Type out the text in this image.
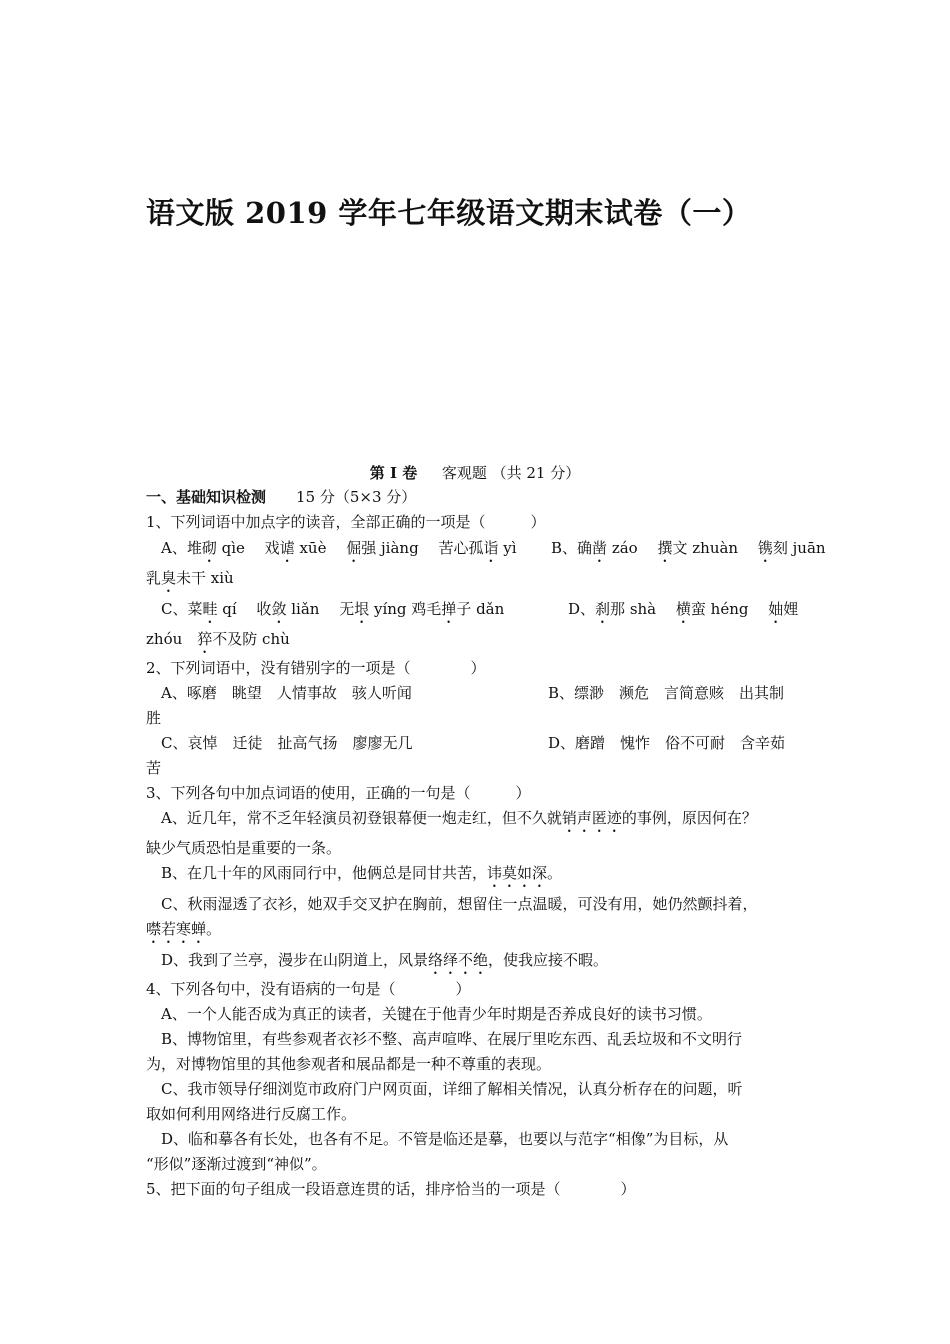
语文版 2019 学年七年级语文期末试卷（一）
第 Ⅰ 卷 　 客观题 （共 21 分）
一、基础知识检测　　 15 分（5×3 分）
1、下列词语中加点字的读音，全部正确的一项是（　　　）
A、堆砌 qìe　 戏谑 xūè　 倔强 jiàng　 苦心孤诣 yì B、确凿 záo　 撰文 zhuàn　 镌刻 juān
乳臭未干 xiù
C、菜畦 qí　 收敛 liǎn　 无垠 yíng 鸡毛掸子 dǎn	D、刹那 shà　 横蛮 héng　 妯娌
zhóu　猝不及防 chù
2、下列词语中，没有错别字的一项是（　　　　）
A、啄磨　眺望　人情事故　骇人听闻	B、缥渺　濒危　言简意赅　出其制
胜
C、哀悼　迁徒　扯高气扬　廖廖无几	D、磨蹭　愧怍　俗不可耐　含辛茹
苦
3、下列各句中加点词语的使用，正确的一句是（　　　）
A、近几年，常不乏年轻演员初登银幕便一炮走红，但不久就销声匿迹的事例，原因何在？
缺少气质恐怕是重要的一条。
B、在几十年的风雨同行中，他俩总是同甘共苦，讳莫如深。
C、秋雨湿透了衣衫，她双手交叉护在胸前，想留住一点温暖，可没有用，她仍然颤抖着，
噤若寒蝉。
D、我到了兰亭，漫步在山阴道上，风景络绎不绝，使我应接不暇。
4、下列各句中，没有语病的一句是（　　　　）
A、一个人能否成为真正的读者，关键在于他青少年时期是否养成良好的读书习惯。
B、博物馆里，有些参观者衣衫不整、高声喧哗、在展厅里吃东西、乱丢垃圾和不文明行
为，对博物馆里的其他参观者和展品都是一种不尊重的表现。
C、我市领导仔细浏览市政府门户网页面，详细了解相关情况，认真分析存在的问题，听
取如何利用网络进行反腐工作。
D、临和摹各有长处，也各有不足。不管是临还是摹，也要以与范字“相像”为目标，从
“形似”逐渐过渡到“神似”。
5、把下面的句子组成一段语意连贯的话，排序恰当的一项是（　　　　）
